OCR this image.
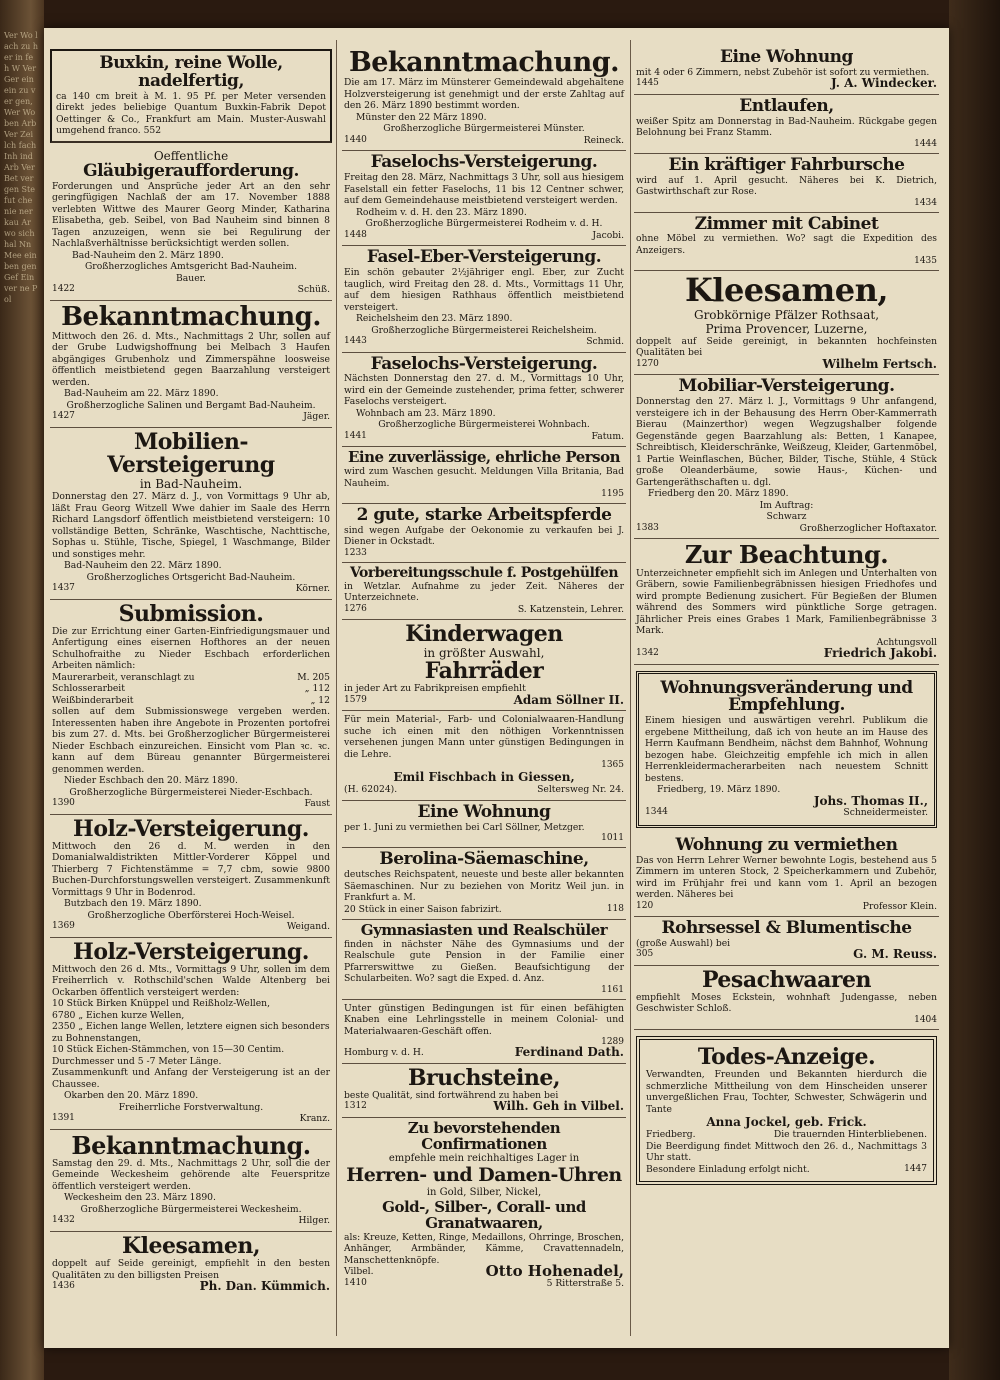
Ver Wo lach zu her in feh W Ver Ger ein ein zu ver gen, Wer Wo ben Arb Ver Zei lch fach Inh ind Arb Ver Bet ver gen Ste fut che nie ner kau Ar wo sich hal Nn Mee ein ben gen Gef Ein ver ne Pol
Buxkin, reine Wolle, nadelfertig,
ca 140 cm breit à M. 1. 95 Pf. per Meter versenden direkt jedes beliebige Quantum Buxkin-Fabrik Depot Oettinger & Co., Frankfurt am Main. Muster-Auswahl umgehend franco. 552
Oeffentliche
Gläubigeraufforderung.
Forderungen und Ansprüche jeder Art an den sehr geringfügigen Nachlaß der am 17. November 1888 verlebten Wittwe des Maurer Georg Minder, Katharina Elisabetha, geb. Seibel, von Bad Nauheim sind binnen 8 Tagen anzuzeigen, wenn sie bei Regulirung der Nachlaßverhältnisse berücksichtigt werden sollen.
Bad-Nauheim den 2. März 1890.
Großherzogliches Amtsgericht Bad-Nauheim.
Bauer.
1422	Schüß.
Bekanntmachung.
Mittwoch den 26. d. Mts., Nachmittags 2 Uhr, sollen auf der Grube Ludwigshoffnung bei Melbach 3 Haufen abgängiges Grubenholz und Zimmerspähne loosweise öffentlich meistbietend gegen Baarzahlung versteigert werden.
Bad-Nauheim am 22. März 1890.
Großherzogliche Salinen und Bergamt Bad-Nauheim.
1427	Jäger.
Mobilien-Versteigerung
in Bad-Nauheim.
Donnerstag den 27. März d. J., von Vormittags 9 Uhr ab, läßt Frau Georg Witzell Wwe dahier im Saale des Herrn Richard Langsdorf öffentlich meistbietend versteigern: 10 vollständige Betten, Schränke, Waschtische, Nachttische, Sophas u. Stühle, Tische, Spiegel, 1 Waschmange, Bilder und sonstiges mehr.
Bad-Nauheim den 22. März 1890.
Großherzogliches Ortsgericht Bad-Nauheim.
1437	Körner.
Submission.
Die zur Errichtung einer Garten-Einfriedigungsmauer und Anfertigung eines eisernen Hofthores an der neuen Schulhofraithe zu Nieder Eschbach erforderlichen Arbeiten nämlich:
Maurerarbeit, veranschlagt zu	M. 205
Schlosserarbeit	„ 112
Weißbinderarbeit	„ 12
sollen auf dem Submissionswege vergeben werden. Interessenten haben ihre Angebote in Prozenten portofrei bis zum 27. d. Mts. bei Großherzoglicher Bürgermeisterei Nieder Eschbach einzureichen. Einsicht vom Plan ꝛc. ꝛc. kann auf dem Büreau genannter Bürgermeisterei genommen werden.
Nieder Eschbach den 20. März 1890.
Großherzogliche Bürgermeisterei Nieder-Eschbach.
1390	Faust
Holz-Versteigerung.
Mittwoch den 26 d. M. werden in den Domanialwaldistrikten Mittler-Vorderer Köppel und Thierberg 7 Fichtenstämme = 7,7 cbm, sowie 9800 Buchen-Durchforstungswellen versteigert. Zusammenkunft Vormittags 9 Uhr in Bodenrod.
Butzbach den 19. März 1890.
Großherzogliche Oberförsterei Hoch-Weisel.
1369	Weigand.
Holz-Versteigerung.
Mittwoch den 26 d. Mts., Vormittags 9 Uhr, sollen im dem Freiherrlich v. Rothschild'schen Walde Altenberg bei Ockarben öffentlich versteigert werden:
10 Stück Birken Knüppel und Reißholz-Wellen,
6780 „ Eichen kurze Wellen,
2350 „ Eichen lange Wellen, letztere eignen sich besonders zu Bohnenstangen,
10 Stück Eichen-Stämmchen, von 15—30 Centim. Durchmesser und 5 -7 Meter Länge.
Zusammenkunft und Anfang der Versteigerung ist an der Chaussee.
Okarben den 20. März 1890.
Freiherrliche Forstverwaltung.
1391	Kranz.
Bekanntmachung.
Samstag den 29. d. Mts., Nachmittags 2 Uhr, soll die der Gemeinde Weckesheim gehörende alte Feuerspritze öffentlich versteigert werden.
Weckesheim den 23. März 1890.
Großherzogliche Bürgermeisterei Weckesheim.
1432	Hilger.
Kleesamen,
doppelt auf Seide gereinigt, empfiehlt in den besten Qualitäten zu den billigsten Preisen
1436	Ph. Dan. Kümmich.
Bekanntmachung.
Die am 17. März im Münsterer Gemeindewald abgehaltene Holzversteigerung ist genehmigt und der erste Zahltag auf den 26. März 1890 bestimmt worden.
Münster den 22 März 1890.
Großherzogliche Bürgermeisterei Münster.
1440	Reineck.
Faselochs-Versteigerung.
Freitag den 28. März, Nachmittags 3 Uhr, soll aus hiesigem Faselstall ein fetter Faselochs, 11 bis 12 Centner schwer, auf dem Gemeindehause meistbietend versteigert werden.
Rodheim v. d. H. den 23. März 1890.
Großherzogliche Bürgermeisterei Rodheim v. d. H.
1448	Jacobi.
Fasel-Eber-Versteigerung.
Ein schön gebauter 2½jähriger engl. Eber, zur Zucht tauglich, wird Freitag den 28. d. Mts., Vormittags 11 Uhr, auf dem hiesigen Rathhaus öffentlich meistbietend versteigert.
Reichelsheim den 23. März 1890.
Großherzogliche Bürgermeisterei Reichelsheim.
1443	Schmid.
Faselochs-Versteigerung.
Nächsten Donnerstag den 27. d. M., Vormittags 10 Uhr, wird ein der Gemeinde zustehender, prima fetter, schwerer Faselochs versteigert.
Wohnbach am 23. März 1890.
Großherzogliche Bürgermeisterei Wohnbach.
1441	Fatum.
Eine zuverlässige, ehrliche Person
wird zum Waschen gesucht. Meldungen Villa Britania, Bad Nauheim.
1195
2 gute, starke Arbeitspferde
sind wegen Aufgabe der Oekonomie zu verkaufen bei J. Diener in Ockstadt.
1233
Vorbereitungsschule f. Postgehülfen
in Wetzlar. Aufnahme zu jeder Zeit. Näheres der Unterzeichnete.
1276	S. Katzenstein, Lehrer.
Kinderwagen
in größter Auswahl,
Fahrräder
in jeder Art zu Fabrikpreisen empfiehlt
1579	Adam Söllner II.
Für mein Material-, Farb- und Colonialwaaren-Handlung suche ich einen mit den nöthigen Vorkenntnissen versehenen jungen Mann unter günstigen Bedingungen in die Lehre.
1365
Emil Fischbach in Giessen,
(H. 62024).	Seltersweg Nr. 24.
Eine Wohnung
per 1. Juni zu vermiethen bei Carl Söllner, Metzger.
1011
Berolina-Säemaschine,
deutsches Reichspatent, neueste und beste aller bekannten Säemaschinen. Nur zu beziehen von Moritz Weil jun. in Frankfurt a. M.
20 Stück in einer Saison fabrizirt.	118
Gymnasiasten und Realschüler
finden in nächster Nähe des Gymnasiums und der Realschule gute Pension in der Familie einer Pfarrerswittwe zu Gießen. Beaufsichtigung der Schularbeiten. Wo? sagt die Exped. d. Anz.
1161
Unter günstigen Bedingungen ist für einen befähigten Knaben eine Lehrlingsstelle in meinem Colonial- und Materialwaaren-Geschäft offen.
1289
Homburg v. d. H.	Ferdinand Dath.
Bruchsteine,
beste Qualität, sind fortwährend zu haben bei
1312	Wilh. Geh in Vilbel.
Zu bevorstehenden Confirmationen
empfehle mein reichhaltiges Lager in
Herren- und Damen-Uhren
in Gold, Silber, Nickel,
Gold-, Silber-, Corall- und Granatwaaren,
als: Kreuze, Ketten, Ringe, Medaillons, Ohrringe, Broschen, Anhänger, Armbänder, Kämme, Cravattennadeln, Manschettenknöpfe.
Vilbel.	Otto Hohenadel,
1410	5 Ritterstraße 5.
Eine Wohnung
mit 4 oder 6 Zimmern, nebst Zubehör ist sofort zu vermiethen.
1445	J. A. Windecker.
Entlaufen,
weißer Spitz am Donnerstag in Bad-Nauheim. Rückgabe gegen Belohnung bei Franz Stamm.
1444
Ein kräftiger Fahrbursche
wird auf 1. April gesucht. Näheres bei K. Dietrich, Gastwirthschaft zur Rose.
1434
Zimmer mit Cabinet
ohne Möbel zu vermiethen. Wo? sagt die Expedition des Anzeigers.
1435
Kleesamen,
Grobkörnige Pfälzer Rothsaat,
Prima Provencer, Luzerne,
doppelt auf Seide gereinigt, in bekannten hochfeinsten Qualitäten bei
1270	Wilhelm Fertsch.
Mobiliar-Versteigerung.
Donnerstag den 27. März l. J., Vormittags 9 Uhr anfangend, versteigere ich in der Behausung des Herrn Ober-Kammerrath Bierau (Mainzerthor) wegen Wegzugshalber folgende Gegenstände gegen Baarzahlung als: Betten, 1 Kanapee, Schreibtisch, Kleiderschränke, Weißzeug, Kleider, Gartenmöbel, 1 Partie Weinflaschen, Bücher, Bilder, Tische, Stühle, 4 Stück große Oleanderbäume, sowie Haus-, Küchen- und Gartengeräthschaften u. dgl.
Friedberg den 20. März 1890.
Im Auftrag:
Schwarz
1383	Großherzoglicher Hoftaxator.
Zur Beachtung.
Unterzeichneter empfiehlt sich im Anlegen und Unterhalten von Gräbern, sowie Familienbegräbnissen hiesigen Friedhofes und wird prompte Bedienung zusichert. Für Begießen der Blumen während des Sommers wird pünktliche Sorge getragen. Jährlicher Preis eines Grabes 1 Mark, Familienbegräbnisse 3 Mark.
Achtungsvoll
1342	Friedrich Jakobi.
Wohnungsveränderung und Empfehlung.
Einem hiesigen und auswärtigen verehrl. Publikum die ergebene Mittheilung, daß ich von heute an im Hause des Herrn Kaufmann Bendheim, nächst dem Bahnhof, Wohnung bezogen habe. Gleichzeitig empfehle ich mich in allen Herrenkleidermacherarbeiten nach neuestem Schnitt bestens.
Friedberg, 19. März 1890.
Johs. Thomas II.,
1344	Schneidermeister.
Wohnung zu vermiethen
Das von Herrn Lehrer Werner bewohnte Logis, bestehend aus 5 Zimmern im unteren Stock, 2 Speicherkammern und Zubehör, wird im Frühjahr frei und kann vom 1. April an bezogen werden. Näheres bei
120	Professor Klein.
Rohrsessel & Blumentische
(große Auswahl) bei
305	G. M. Reuss.
Pesachwaaren
empfiehlt Moses Eckstein, wohnhaft Judengasse, neben Geschwister Schloß.
1404
Todes-Anzeige.
Verwandten, Freunden und Bekannten hierdurch die schmerzliche Mittheilung von dem Hinscheiden unserer unvergeßlichen Frau, Tochter, Schwester, Schwägerin und Tante
Anna Jockel, geb. Frick.
Friedberg.	Die trauernden Hinterbliebenen.
Die Beerdigung findet Mittwoch den 26. d., Nachmittags 3 Uhr statt.
Besondere Einladung erfolgt nicht.	1447
